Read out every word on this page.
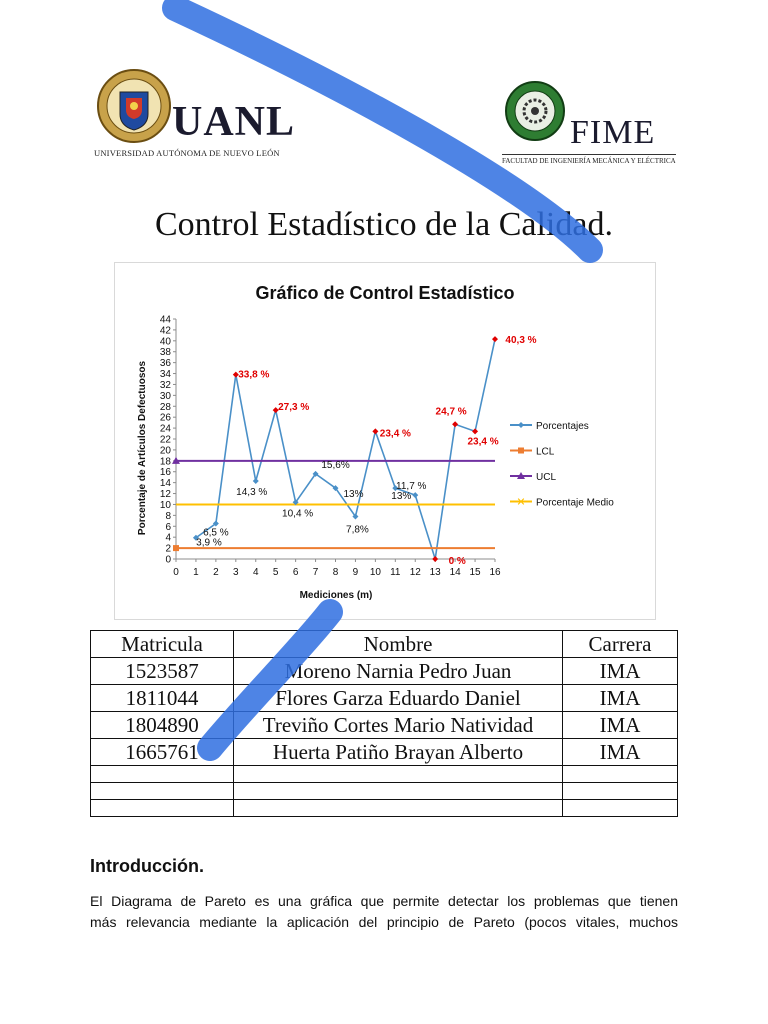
UANL
UNIVERSIDAD AUTÓNOMA DE NUEVO LEÓN
FIME
FACULTAD DE INGENIERÍA MECÁNICA Y ELÉCTRICA
Control Estadístico de la Calidad.
Gráfico de Control Estadístico
Mediciones (m)
Porcentaje de Artículos Defectuosos
0
2
4
6
8
10
12
14
16
18
20
22
24
26
28
30
32
34
36
38
40
42
44
0 1 2 3 4 5 6 7 8 9 10 11 12 13 14 15 16
3,9 %
6,5 %
33,8 %
14,3 %
27,3 %
10,4 %
15,6%
13%
7,8%
23,4 %
13%
11,7 %
0 %
24,7 %
23,4 %
40,3 %
Porcentajes
LCL
UCL
✕ Porcentaje Medio
Matricula	Nombre	Carrera
1523587	Moreno Narnia Pedro Juan	IMA
1811044	Flores Garza Eduardo Daniel	IMA
1804890	Treviño Cortes Mario Natividad	IMA
1665761	Huerta Patiño Brayan Alberto	IMA

Introducción.
El Diagrama de Pareto es una gráfica que permite detectar los problemas que tienen
más relevancia mediante la aplicación del principio de Pareto (pocos vitales, muchos
